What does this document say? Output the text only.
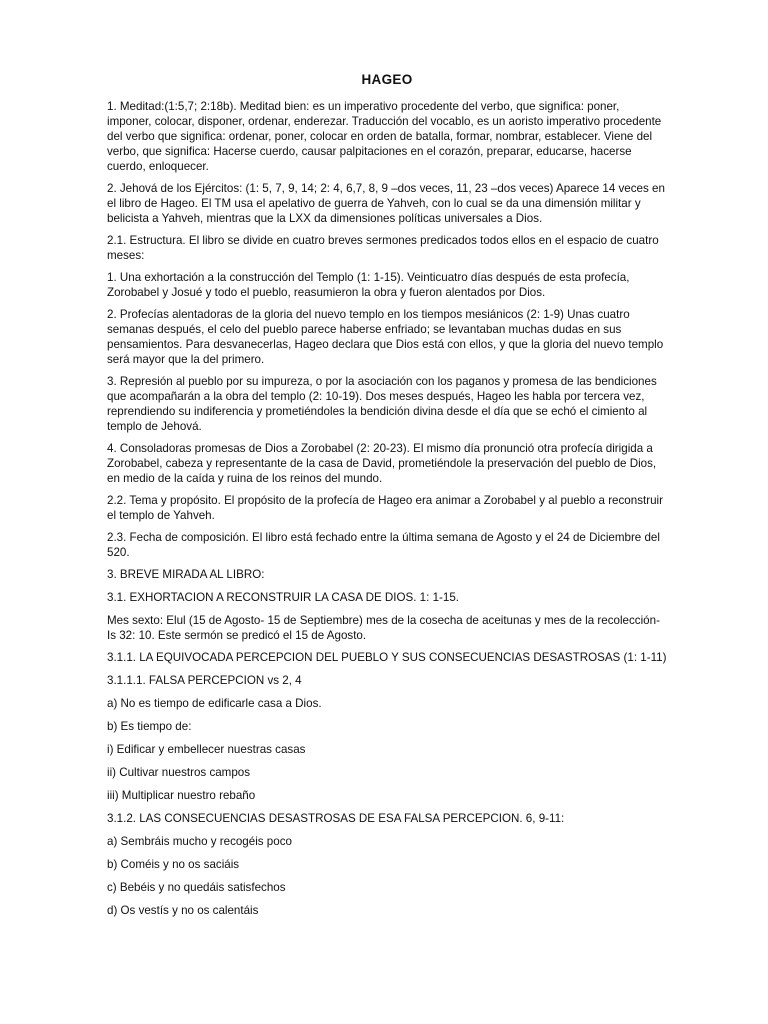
HAGEO

1. Meditad:(1:5,7; 2:18b). Meditad bien: es un imperativo procedente del verbo, que significa: poner, imponer, colocar, disponer, ordenar, enderezar. Traducción del vocablo, es un aoristo imperativo procedente del verbo que significa: ordenar, poner, colocar en orden de batalla, formar, nombrar, establecer. Viene del verbo, que significa: Hacerse cuerdo, causar palpitaciones en el corazón, preparar, educarse, hacerse cuerdo, enloquecer.

2. Jehová de los Ejércitos: (1: 5, 7, 9, 14; 2: 4, 6,7, 8, 9 –dos veces, 11, 23 –dos veces) Aparece 14 veces en el libro de Hageo. El TM usa el apelativo de guerra de Yahveh, con lo cual se da una dimensión militar y belicista a Yahveh, mientras que la LXX da dimensiones políticas universales a Dios.

2.1. Estructura. El libro se divide en cuatro breves sermones predicados todos ellos en el espacio de cuatro meses:

1. Una exhortación a la construcción del Templo (1: 1-15). Veinticuatro días después de esta profecía, Zorobabel y Josué y todo el pueblo, reasumieron la obra y fueron alentados por Dios.

2. Profecías alentadoras de la gloria del nuevo templo en los tiempos mesiánicos (2: 1-9) Unas cuatro semanas después, el celo del pueblo parece haberse enfriado; se levantaban muchas dudas en sus pensamientos. Para desvanecerlas, Hageo declara que Dios está con ellos, y que la gloria del nuevo templo será mayor que la del primero.

3. Represión al pueblo por su impureza, o por la asociación con los paganos y promesa de las bendiciones que acompañarán a la obra del templo (2: 10-19). Dos meses después, Hageo les habla por tercera vez, reprendiendo su indiferencia y prometiéndoles la bendición divina desde el día que se echó el cimiento al templo de Jehová.

4. Consoladoras promesas de Dios a Zorobabel (2: 20-23). El mismo día pronunció otra profecía dirigida a Zorobabel, cabeza y representante de la casa de David, prometiéndole la preservación del pueblo de Dios, en medio de la caída y ruina de los reinos del mundo.

2.2. Tema y propósito. El propósito de la profecía de Hageo era animar a Zorobabel y al pueblo a reconstruir el templo de Yahveh.

2.3. Fecha de composición. El libro está fechado entre la última semana de Agosto y el 24 de Diciembre del 520.

3. BREVE MIRADA AL LIBRO:

3.1. EXHORTACION A RECONSTRUIR LA CASA DE DIOS. 1: 1-15.

Mes sexto: Elul (15 de Agosto- 15 de Septiembre) mes de la cosecha de aceitunas y mes de la recolección- Is 32: 10. Este sermón se predicó el 15 de Agosto.

3.1.1. LA EQUIVOCADA PERCEPCION DEL PUEBLO Y SUS CONSECUENCIAS DESASTROSAS (1: 1-11)

3.1.1.1. FALSA PERCEPCION vs 2, 4

a) No es tiempo de edificarle casa a Dios.

b) Es tiempo de:

i) Edificar y embellecer nuestras casas

ii) Cultivar nuestros campos

iii) Multiplicar nuestro rebaño

3.1.2. LAS CONSECUENCIAS DESASTROSAS DE ESA FALSA PERCEPCION. 6, 9-11:

a) Sembráis mucho y recogéis poco

b) Coméis y no os saciáis

c) Bebéis y no quedáis satisfechos

d) Os vestís y no os calentáis
